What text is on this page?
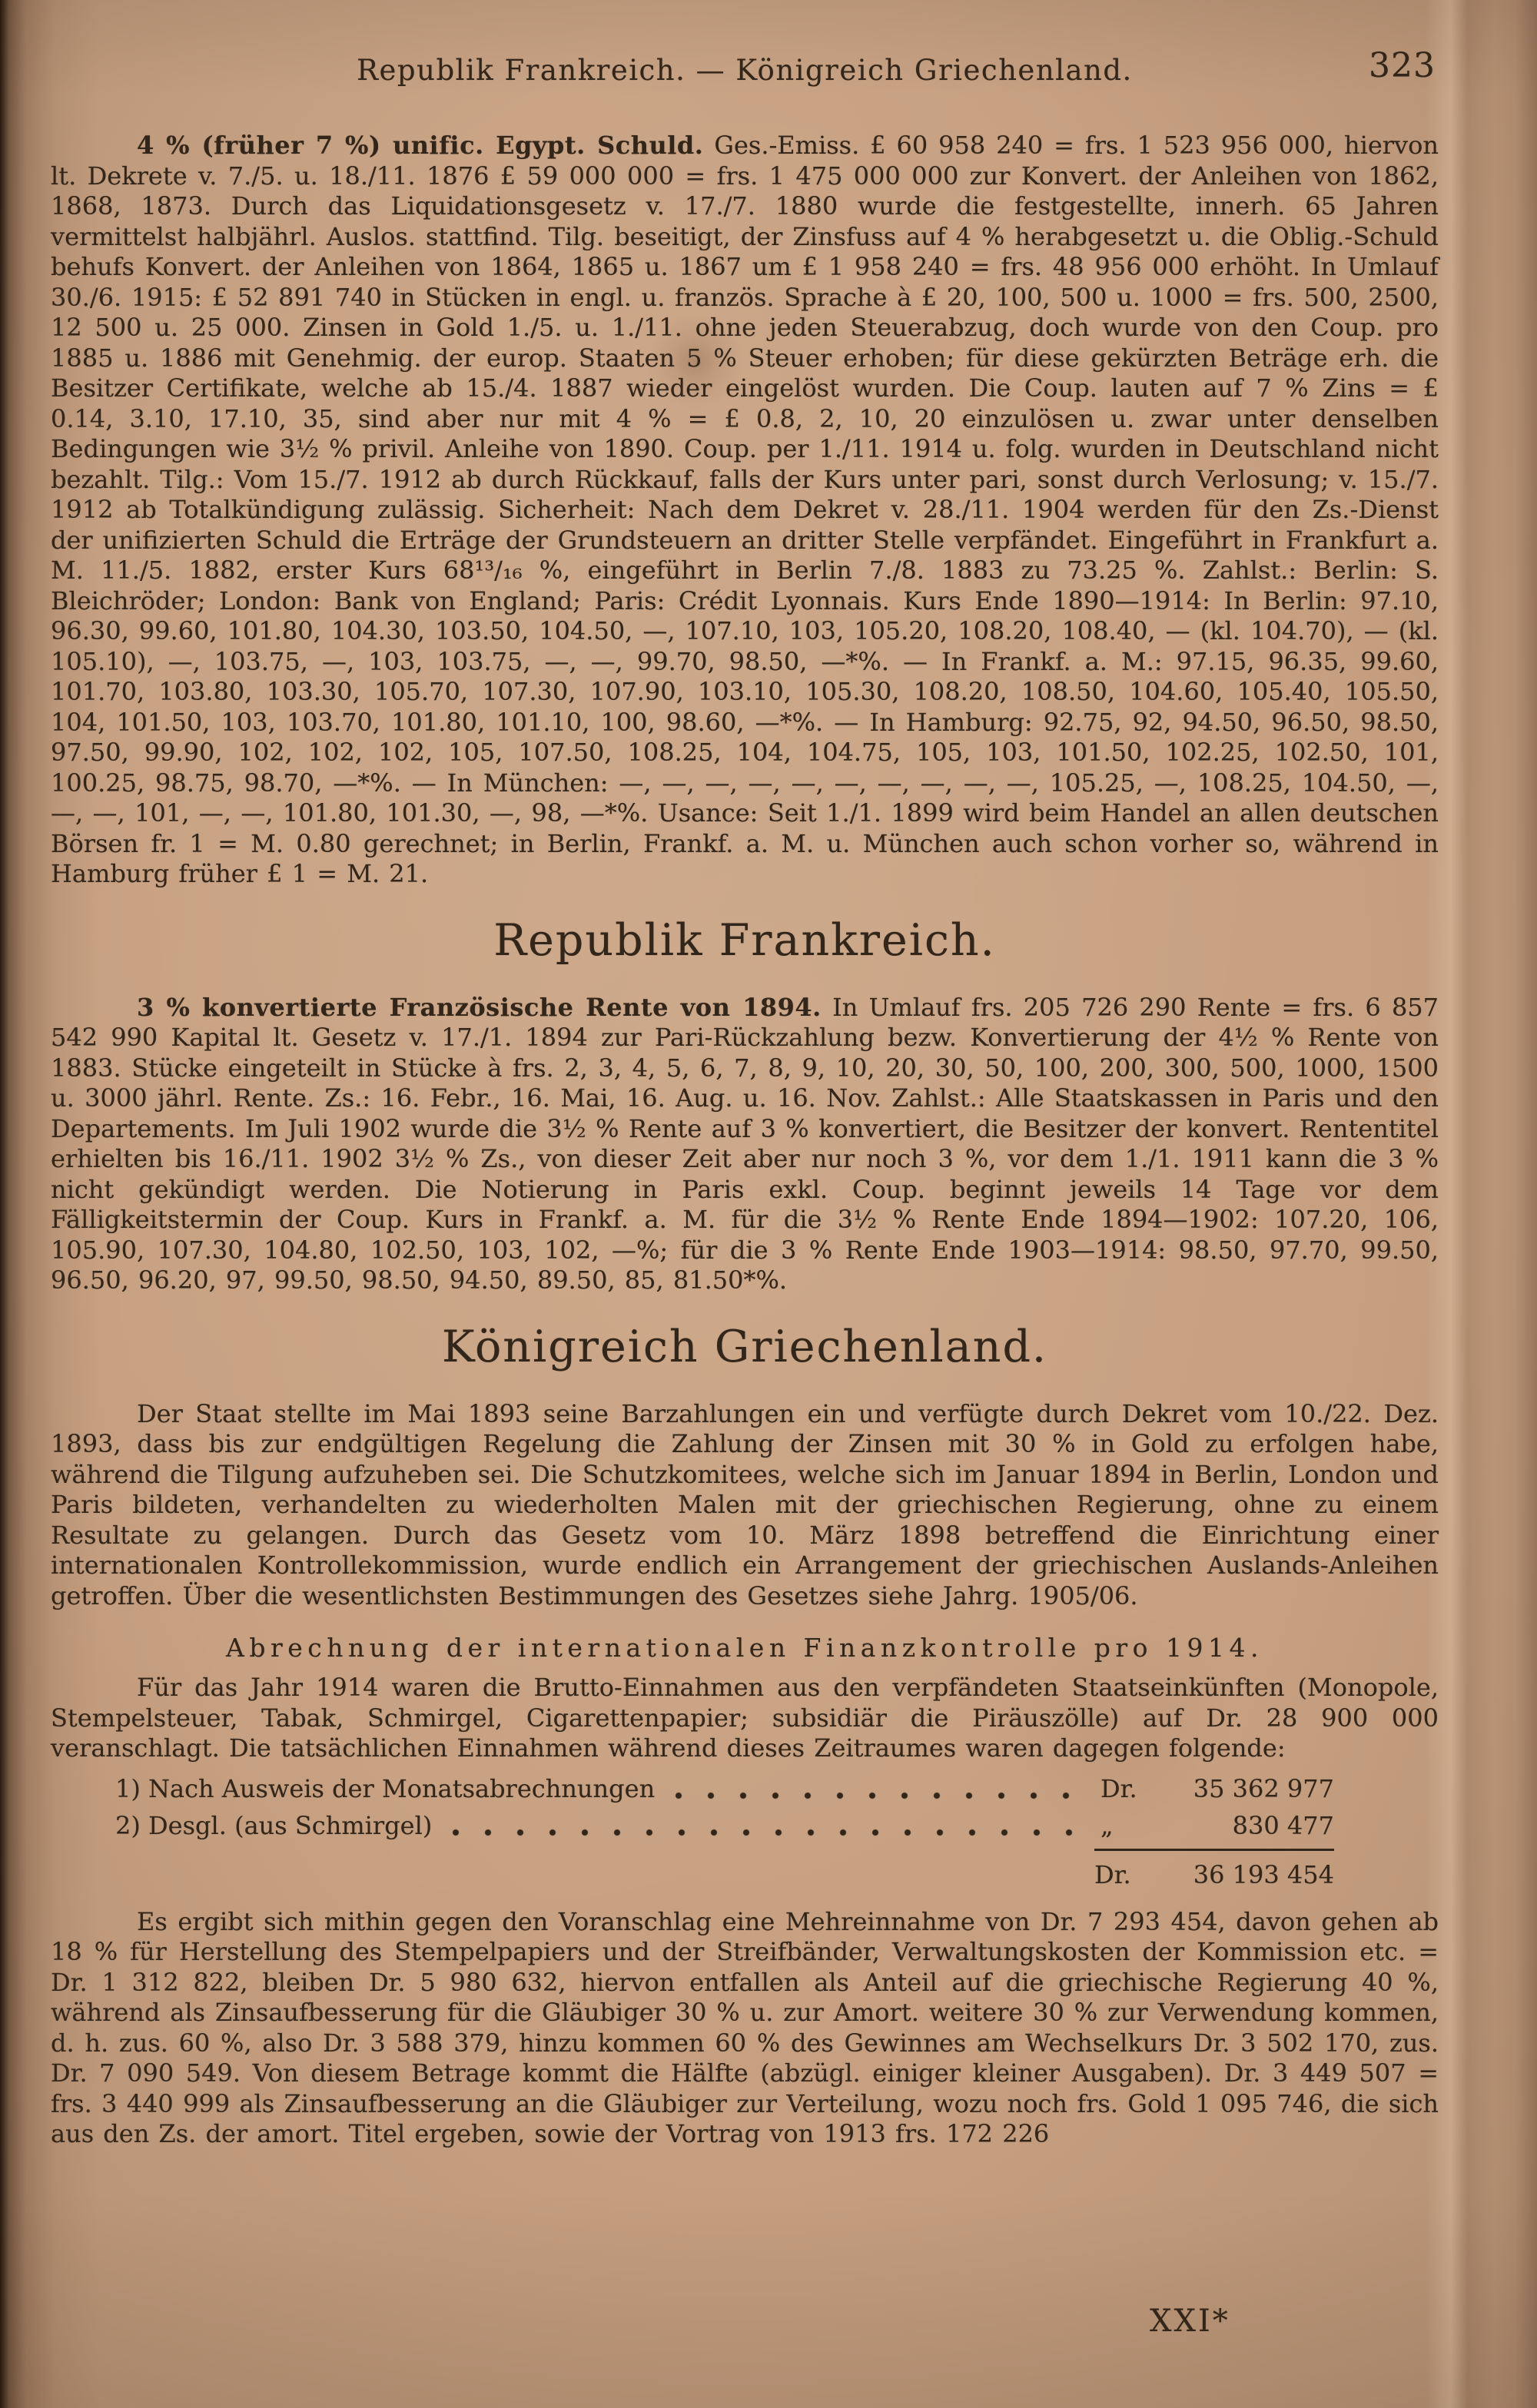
Republik Frankreich. — Königreich Griechenland.	323

4 % (früher 7 %) unific. Egypt. Schuld. Ges.-Emiss. £ 60 958 240 = frs. 1 523 956 000, hiervon lt. Dekrete v. 7./5. u. 18./11. 1876 £ 59 000 000 = frs. 1 475 000 000 zur Konvert. der Anleihen von 1862, 1868, 1873. Durch das Liquidationsgesetz v. 17./7. 1880 wurde die festgestellte, innerh. 65 Jahren vermittelst halbjährl. Auslos. stattfind. Tilg. beseitigt, der Zinsfuss auf 4 % herabgesetzt u. die Oblig.-Schuld behufs Konvert. der Anleihen von 1864, 1865 u. 1867 um £ 1 958 240 = frs. 48 956 000 erhöht. In Umlauf 30./6. 1915: £ 52 891 740 in Stücken in engl. u. französ. Sprache à £ 20, 100, 500 u. 1000 = frs. 500, 2500, 12 500 u. 25 000. Zinsen in Gold 1./5. u. 1./11. ohne jeden Steuerabzug, doch wurde von den Coup. pro 1885 u. 1886 mit Genehmig. der europ. Staaten 5 % Steuer erhoben; für diese gekürzten Beträge erh. die Besitzer Certifikate, welche ab 15./4. 1887 wieder eingelöst wurden. Die Coup. lauten auf 7 % Zins = £ 0.14, 3.10, 17.10, 35, sind aber nur mit 4 % = £ 0.8, 2, 10, 20 einzulösen u. zwar unter denselben Bedingungen wie 3½ % privil. Anleihe von 1890. Coup. per 1./11. 1914 u. folg. wurden in Deutschland nicht bezahlt. Tilg.: Vom 15./7. 1912 ab durch Rückkauf, falls der Kurs unter pari, sonst durch Verlosung; v. 15./7. 1912 ab Totalkündigung zulässig. Sicherheit: Nach dem Dekret v. 28./11. 1904 werden für den Zs.-Dienst der unifizierten Schuld die Erträge der Grundsteuern an dritter Stelle verpfändet. Eingeführt in Frankfurt a. M. 11./5. 1882, erster Kurs 68¹³/₁₆ %, eingeführt in Berlin 7./8. 1883 zu 73.25 %. Zahlst.: Berlin: S. Bleichröder; London: Bank von England; Paris: Crédit Lyonnais. Kurs Ende 1890—1914: In Berlin: 97.10, 96.30, 99.60, 101.80, 104.30, 103.50, 104.50, —, 107.10, 103, 105.20, 108.20, 108.40, — (kl. 104.70), — (kl. 105.10), —, 103.75, —, 103, 103.75, —, —, 99.70, 98.50, —*%. — In Frankf. a. M.: 97.15, 96.35, 99.60, 101.70, 103.80, 103.30, 105.70, 107.30, 107.90, 103.10, 105.30, 108.20, 108.50, 104.60, 105.40, 105.50, 104, 101.50, 103, 103.70, 101.80, 101.10, 100, 98.60, —*%. — In Hamburg: 92.75, 92, 94.50, 96.50, 98.50, 97.50, 99.90, 102, 102, 102, 105, 107.50, 108.25, 104, 104.75, 105, 103, 101.50, 102.25, 102.50, 101, 100.25, 98.75, 98.70, —*%. — In München: —, —, —, —, —, —, —, —, —, —, 105.25, —, 108.25, 104.50, —, —, —, 101, —, —, 101.80, 101.30, —, 98, —*%. Usance: Seit 1./1. 1899 wird beim Handel an allen deutschen Börsen fr. 1 = M. 0.80 gerechnet; in Berlin, Frankf. a. M. u. München auch schon vorher so, während in Hamburg früher £ 1 = M. 21.

Republik Frankreich.

3 % konvertierte Französische Rente von 1894. In Umlauf frs. 205 726 290 Rente = frs. 6 857 542 990 Kapital lt. Gesetz v. 17./1. 1894 zur Pari-Rückzahlung bezw. Konvertierung der 4½ % Rente von 1883. Stücke eingeteilt in Stücke à frs. 2, 3, 4, 5, 6, 7, 8, 9, 10, 20, 30, 50, 100, 200, 300, 500, 1000, 1500 u. 3000 jährl. Rente. Zs.: 16. Febr., 16. Mai, 16. Aug. u. 16. Nov. Zahlst.: Alle Staatskassen in Paris und den Departements. Im Juli 1902 wurde die 3½ % Rente auf 3 % konvertiert, die Besitzer der konvert. Rententitel erhielten bis 16./11. 1902 3½ % Zs., von dieser Zeit aber nur noch 3 %, vor dem 1./1. 1911 kann die 3 % nicht gekündigt werden. Die Notierung in Paris exkl. Coup. beginnt jeweils 14 Tage vor dem Fälligkeitstermin der Coup. Kurs in Frankf. a. M. für die 3½ % Rente Ende 1894—1902: 107.20, 106, 105.90, 107.30, 104.80, 102.50, 103, 102, —%; für die 3 % Rente Ende 1903—1914: 98.50, 97.70, 99.50, 96.50, 96.20, 97, 99.50, 98.50, 94.50, 89.50, 85, 81.50*%.

Königreich Griechenland.

Der Staat stellte im Mai 1893 seine Barzahlungen ein und verfügte durch Dekret vom 10./22. Dez. 1893, dass bis zur endgültigen Regelung die Zahlung der Zinsen mit 30 % in Gold zu erfolgen habe, während die Tilgung aufzuheben sei. Die Schutzkomitees, welche sich im Januar 1894 in Berlin, London und Paris bildeten, verhandelten zu wiederholten Malen mit der griechischen Regierung, ohne zu einem Resultate zu gelangen. Durch das Gesetz vom 10. März 1898 betreffend die Einrichtung einer internationalen Kontrollekommission, wurde endlich ein Arrangement der griechischen Auslands-Anleihen getroffen. Über die wesentlichsten Bestimmungen des Gesetzes siehe Jahrg. 1905/06.

Abrechnung der internationalen Finanzkontrolle pro 1914.

Für das Jahr 1914 waren die Brutto-Einnahmen aus den verpfändeten Staatseinkünften (Monopole, Stempelsteuer, Tabak, Schmirgel, Cigarettenpapier; subsidiär die Piräuszölle) auf Dr. 28 900 000 veranschlagt. Die tatsächlichen Einnahmen während dieses Zeitraumes waren dagegen folgende:

1) Nach Ausweis der Monatsabrechnungen	Dr.	35 362 977
2) Desgl. (aus Schmirgel)	„	830 477
Dr.	36 193 454

Es ergibt sich mithin gegen den Voranschlag eine Mehreinnahme von Dr. 7 293 454, davon gehen ab 18 % für Herstellung des Stempelpapiers und der Streifbänder, Verwaltungskosten der Kommission etc. = Dr. 1 312 822, bleiben Dr. 5 980 632, hiervon entfallen als Anteil auf die griechische Regierung 40 %, während als Zinsaufbesserung für die Gläubiger 30 % u. zur Amort. weitere 30 % zur Verwendung kommen, d. h. zus. 60 %, also Dr. 3 588 379, hinzu kommen 60 % des Gewinnes am Wechselkurs Dr. 3 502 170, zus. Dr. 7 090 549. Von diesem Betrage kommt die Hälfte (abzügl. einiger kleiner Ausgaben). Dr. 3 449 507 = frs. 3 440 999 als Zinsaufbesserung an die Gläubiger zur Verteilung, wozu noch frs. Gold 1 095 746, die sich aus den Zs. der amort. Titel ergeben, sowie der Vortrag von 1913 frs. 172 226

XXI*
